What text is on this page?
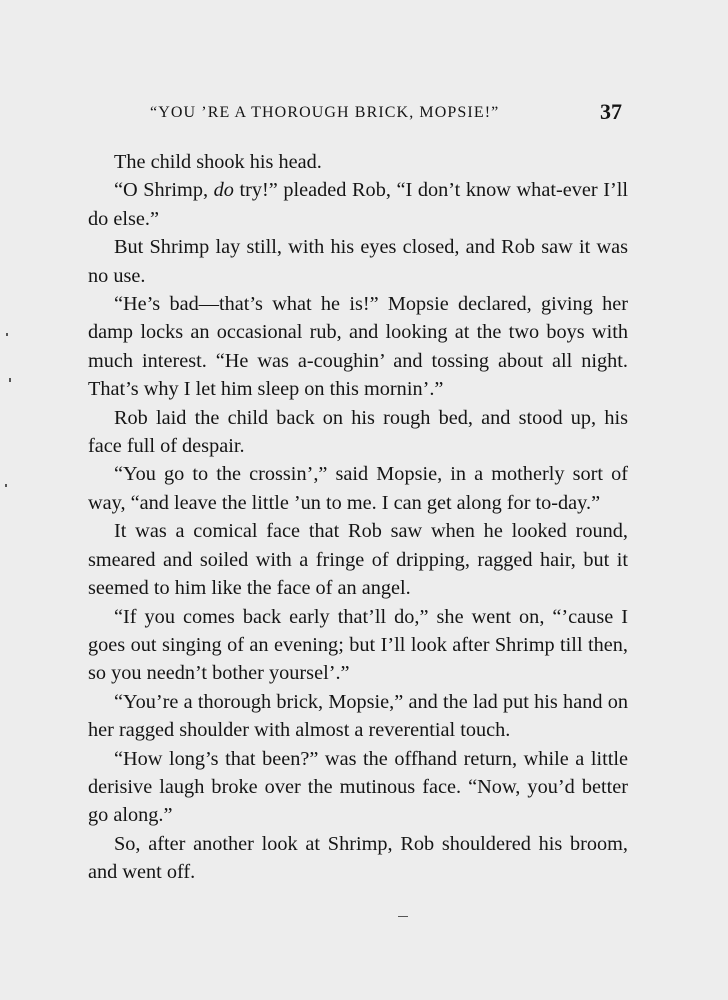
“YOU ’RE A THOROUGH BRICK, MOPSIE!”	37

The child shook his head.

“O Shrimp, do try!” pleaded Rob, “I don’t know what-ever I’ll do else.”

But Shrimp lay still, with his eyes closed, and Rob saw it was no use.

“He’s bad—that’s what he is!” Mopsie declared, giving her damp locks an occasional rub, and looking at the two boys with much interest. “He was a-coughin’ and tossing about all night. That’s why I let him sleep on this mornin’.”

Rob laid the child back on his rough bed, and stood up, his face full of despair.

“You go to the crossin’,” said Mopsie, in a motherly sort of way, “and leave the little ’un to me. I can get along for to-day.”

It was a comical face that Rob saw when he looked round, smeared and soiled with a fringe of dripping, ragged hair, but it seemed to him like the face of an angel.

“If you comes back early that’ll do,” she went on, “’cause I goes out singing of an evening; but I’ll look after Shrimp till then, so you needn’t bother yoursel’.”

“You’re a thorough brick, Mopsie,” and the lad put his hand on her ragged shoulder with almost a reverential touch.

“How long’s that been?” was the offhand return, while a little derisive laugh broke over the mutinous face. “Now, you’d better go along.”

So, after another look at Shrimp, Rob shouldered his broom, and went off.
